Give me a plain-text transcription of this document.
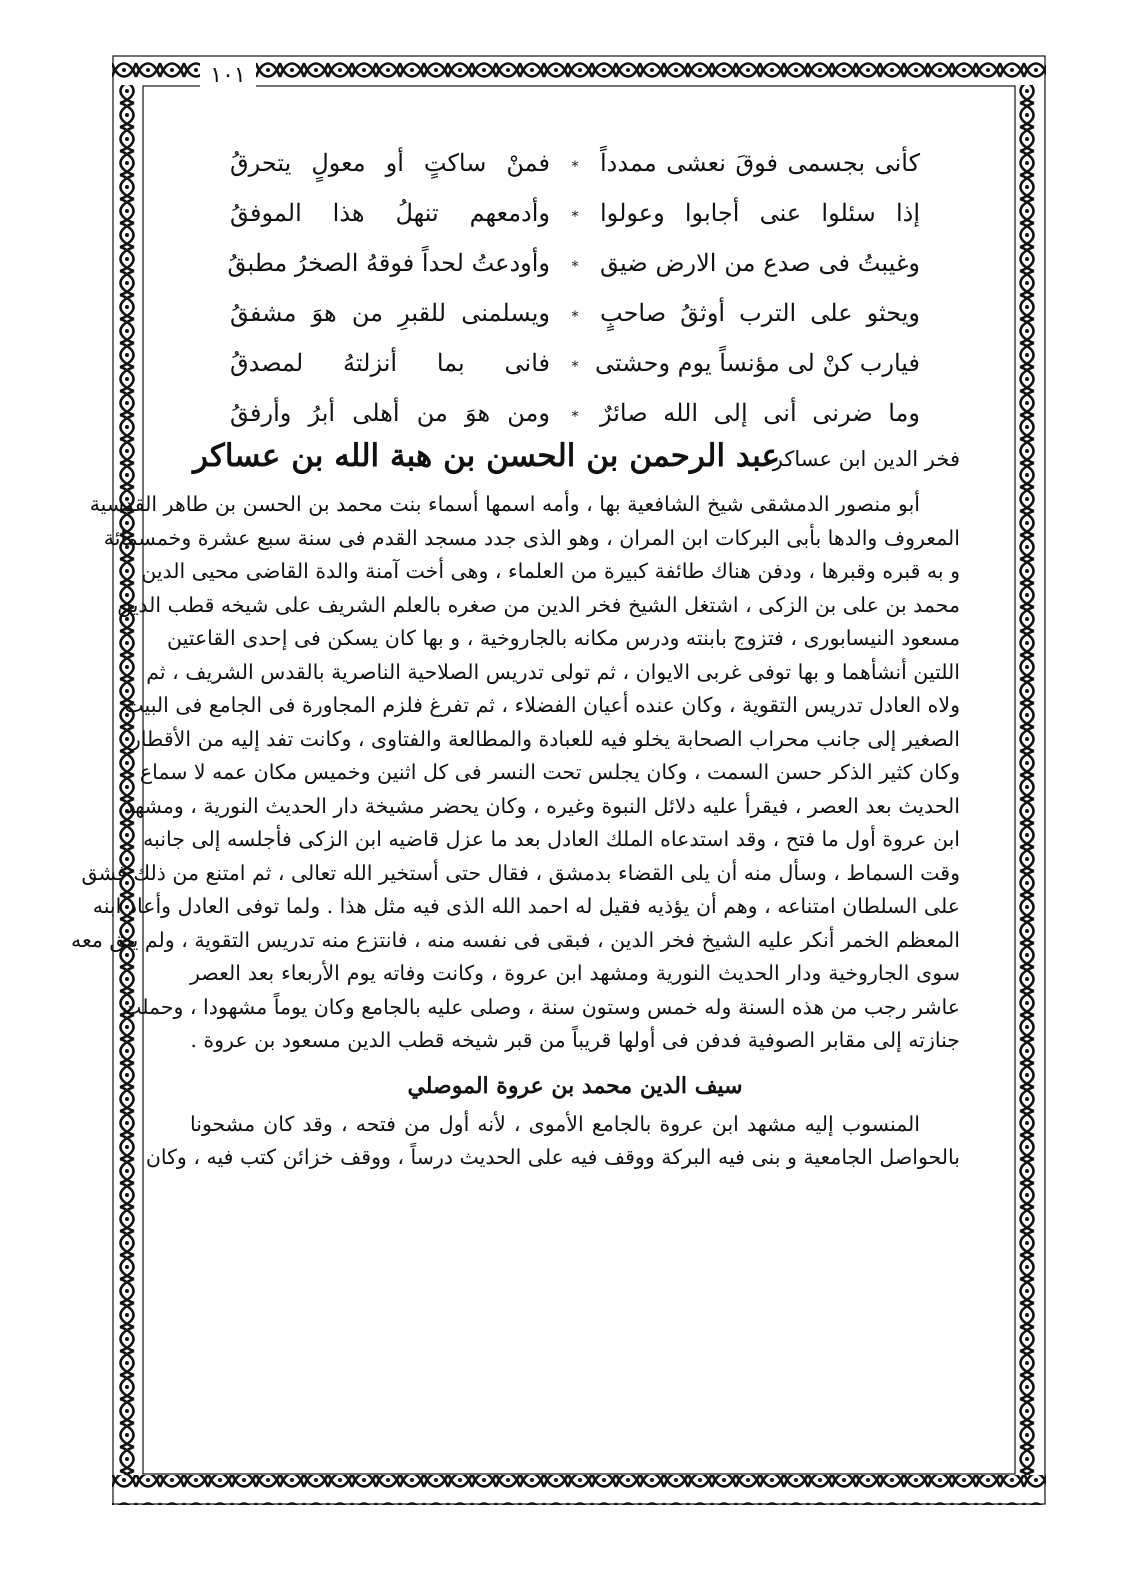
١٠١
كأنى بجسمى فوقَ نعشى ممدداً
*
فمنْ ساكتٍ أو معولٍ يتحرقُ
إذا سئلوا عنى أجابوا وعولوا
*
وأدمعهم تنهلُ هذا الموفقُ
وغيبتُ فى صدع من الارض ضيق
*
وأودعتُ لحداً فوقهُ الصخرُ مطبقُ
ويحثو على الترب أوثقُ صاحبٍ
*
ويسلمنى للقبرِ من هوَ مشفقُ
فيارب كنْ لى مؤنساً يوم وحشتى
*
فانى بما أنزلتهُ لمصدقُ
وما ضرنى أنى إلى الله صائرٌ
*
ومن هوَ من أهلى أبرُ وأرفقُ
فخر الدين ابن عساكر
عبد الرحمن بن الحسن بن هبة الله بن عساكر
أبو منصور الدمشقى شيخ الشافعية بها ، وأمه اسمها أسماء بنت محمد بن الحسن بن طاهر القدسية
المعروف والدها بأبى البركات ابن المران ، وهو الذى جدد مسجد القدم فى سنة سبع عشرة وخمسمائة
و به قبره وقبرها ، ودفن هناك طائفة كبيرة من العلماء ، وهى أخت آمنة والدة القاضى محيى الدين
محمد بن على بن الزكى ، اشتغل الشيخ فخر الدين من صغره بالعلم الشريف على شيخه قطب الدين
مسعود النيسابورى ، فتزوج بابنته ودرس مكانه بالجاروخية ، و بها كان يسكن فى إحدى القاعتين
اللتين أنشأهما و بها توفى غربى الايوان ، ثم تولى تدريس الصلاحية الناصرية بالقدس الشريف ، ثم
ولاه العادل تدريس التقوية ، وكان عنده أعيان الفضلاء ، ثم تفرغ فلزم المجاورة فى الجامع فى البيت
الصغير إلى جانب محراب الصحابة يخلو فيه للعبادة والمطالعة والفتاوى ، وكانت تفد إليه من الأقطار
وكان كثير الذكر حسن السمت ، وكان يجلس تحت النسر فى كل اثنين وخميس مكان عمه لا سماع
الحديث بعد العصر ، فيقرأ عليه دلائل النبوة وغيره ، وكان يحضر مشيخة دار الحديث النورية ، ومشهد
ابن عروة أول ما فتح ، وقد استدعاه الملك العادل بعد ما عزل قاضيه ابن الزكى فأجلسه إلى جانبه
وقت السماط ، وسأل منه أن يلى القضاء بدمشق ، فقال حتى أستخير الله تعالى ، ثم امتنع من ذلك فشق
على السلطان امتناعه ، وهم أن يؤذيه فقيل له احمد الله الذى فيه مثل هذا . ولما توفى العادل وأعاد ابنه
المعظم الخمر أنكر عليه الشيخ فخر الدين ، فبقى فى نفسه منه ، فانتزع منه تدريس التقوية ، ولم يبق معه
سوى الجاروخية ودار الحديث النورية ومشهد ابن عروة ، وكانت وفاته يوم الأربعاء بعد العصر
عاشر رجب من هذه السنة وله خمس وستون سنة ، وصلى عليه بالجامع وكان يوماً مشهودا ، وحملت
جنازته إلى مقابر الصوفية فدفن فى أولها قريباً من قبر شيخه قطب الدين مسعود بن عروة .
سيف الدين محمد بن عروة الموصلي
المنسوب إليه مشهد ابن عروة بالجامع الأموى ، لأنه أول من فتحه ، وقد كان مشحونا
بالحواصل الجامعية و بنى فيه البركة ووقف فيه على الحديث درساً ، ووقف خزائن كتب فيه ، وكان
